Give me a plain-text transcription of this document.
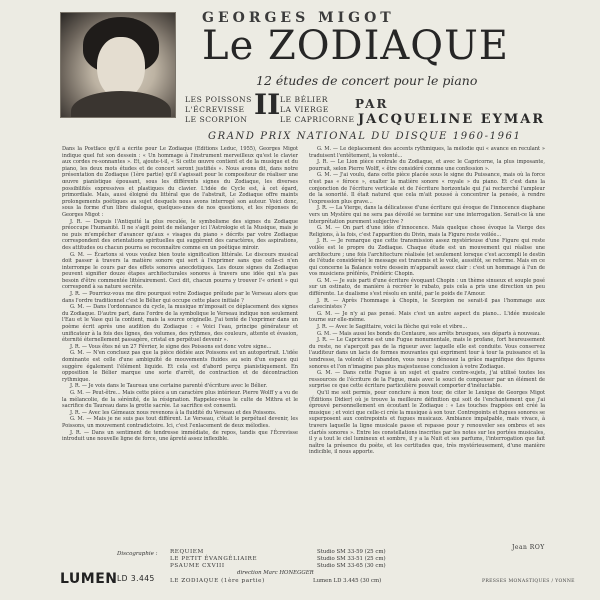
GEORGES MIGOT
Le ZODIAQUE
12 études de concert pour le piano
LES POISSONS
L'ÉCREVISSE
LE SCORPION II LE BÉLIER
LA VIERGE
LE CAPRICORNE
PAR
JACQUELINE EYMAR
GRAND PRIX NATIONAL DU DISQUE 1960-1961

Dans la Postface qu'il a écrite pour Le Zodiaque (Éditions Leduc, 1955), Georges Migot indique quel fut son dessein : « Un hommage à l'instrument merveilleux qu'est le clavier aux cordes re-sonnantes ». Et, ajoute-t-il, « Si cette œuvre contient et de la musique et du piano, les deux mots études et de concert seront justifiés ». Nous avons dit, dans notre présentation du Zodiaque (1ère partie) qu'il s'agissait pour le compositeur de réaliser une œuvre pianistique épousant, sous les différents signes du Zodiaque, les diverses possibilités expressives et plastiques du clavier. L'idée de Cycle est, à cet égard, primordiale. Mais, aussi éloigné du littéral que de l'abstrait, Le Zodiaque offre maints prolongements poétiques au sujet desquels nous avons interrogé son auteur. Voici donc, sous la forme d'un libre dialogue, quelques-unes de nos questions, et les réponses de Georges Migot :

J. R. — Depuis l'Antiquité la plus reculée, le symbolisme des signes du Zodiaque préoccupe l'humanité. Il ne s'agit point de mélanger ici l'Astrologie et la Musique, mais je ne puis m'empêcher d'avancer qu'aux « visages du piano » décrits par votre Zodiaque correspondent des orientations spirituelles qui suggèrent des caractères, des aspirations, des attitudes ou chacun pourra se reconnaître comme en un poétique miroir.

G. M. — Écartons si vous voulez bien toute signification littérale. Le discours musical doit passer à travers la matière sonore qui sert à l'exprimer sans que celle-ci n'en interrompe le cours par des effets sonores anecdotiques. Les douze signes du Zodiaque peuvent signifier douze étapes architecturales sonores à travers une idée qui n'a pas besoin d'être commentée littérairement. Ceci dit, chacun pourra y trouver l'« orient » qui correspond à sa nature secrète.

J. R. — Pourriez-vous me dire pourquoi votre Zodiaque prélude par le Verseau alors que dans l'ordre traditionnel c'est le Bélier qui occupe cette place initiale ?

G. M. — Dans l'ordonnance du cycle, la musique m'imposait ce déplacement des signes du Zodiaque. D'autre part, dans l'ordre de la symbolique le Verseau indique non seulement l'Eau et le Vase qui la contient, mais la source originelle. J'ai tenté de l'exprimer dans un poème écrit après une audition du Zodiaque : « Voici l'eau, principe générateur et unificateur à la fois des lignes, des volumes, des rythmes, des couleurs, attente et évasion, éternité éternellement passagère, cristal en perpétuel devenir ».

J. R. — Vous êtes né un 27 Février, le signe des Poissons est donc votre signe...

G. M. — N'en concluez pas que la pièce dédiée aux Poissons est un autoportrait. L'idée dominante est celle d'une ambiguïté de mouvements fluides au sein d'un espace qui suggère également l'élément liquide. Et cela est d'abord perçu pianistiquement. En opposition le Bélier marque une sorte d'arrêt, de contraction et de décontraction rythmique.

J. R. — Je vois dans le Taureau une certaine parenté d'écriture avec le Bélier.

G. M. — Peut-être... Mais cette pièce a un caractère plus intérieur. Pierre Wolff y a vu de la mélancolie, de la sérénité, de la résignation. Rappelez-vous le culte de Mithra et le sacrifice du Taureau dans la grotte sacrée. Le sacrifice est consenti.

J. R. — Avec les Gémeaux nous revenons à la fluidité du Verseau et des Poissons.

G. M. — Mais je ne suis pas tout différent. Le Verseau, c'était le perpétuel devenir, les Poissons, un mouvement contradictoire. Ici, c'est l'enlacement de deux mélodies.

J. R. — Dans un sentiment de tendresse immédiate, de repos, tandis que l'Écrevisse introduit une nouvelle ligne de force, une âpreté assez inflexible.

G. M. — Le déplacement des accents rythmiques, la mélodie qui « avance en reculant » traduisent l'entêtement, la volonté...

J. R. — Le Lion pièce centrale du Zodiaque, et avec le Capricorne, la plus imposante, pourrait, selon Pierre Wolff, « être considéré comme une confession ».

G. M. — J'ai voulu, dans cette pièce placée sous le signe du Puissance, mais où la force n'est pas « féroce », exalter la matière sonore « royale » du piano. Et c'est dans la conjonction de l'écriture verticale et de l'écriture horizontale qui j'ai recherché l'ampleur de la sonorité. Il était naturel que cela m'ait poussé à concentrer la pensée, à rendre l'expression plus grave...

J. R. — La Vierge, dans la délicatesse d'une écriture qui évoque de l'innocence diaphane vers un Mystère qui ne sera pas dévoilé se termine sur une interrogation. Serait-ce là une interprétation purement subjective ?

G. M. — On part d'une idée d'innocence. Mais quelque chose évoque la Vierge des Religions, à la fois, c'est l'apparition du Divin, mais la Figure reste voilée...

J. R. — Je remarque que cette transmission assez mystérieuse d'une Figure qui reste voilée est le propre du Zodiaque. Chaque étude est un mouvement qui réalise une architecture ; une fois l'architecture réalisée (et seulement lorsque c'est accompli le destin de l'étude considérée) le message est transmis et le voile, aussitôt, se referme. Mais en ce qui concerne la Balance votre dessein m'apparaît assez clair : c'est un hommage à l'un de vos musiciens préférés, Frédéric Chopin.

G. M. — Je suis parti d'une écriture évoquant Chopin : un thème sinueux et souple posé sur un ostinato, de manière à recréer le rubato, puis cela a pris une direction un peu différente. Le dualisme s'est résolu en unité, par le poids de l'Amour.

J. R. — Après l'hommage à Chopin, le Scorpion ne serait-il pas l'hommage aux clavecinistes ?

G. M. — Je n'y ai pas pensé. Mais c'est un autre aspect du piano... L'idée musicale tourne sur elle-même.

J. R. — Avec le Sagittaire, voici la flèche qui vole et vibre...

G. M. — Mais aussi les bonds du Centaure, ses arrêts brusques, ses départs à nouveau.

J. R. — Le Capricorne est une Fugue monumentale, mais le profane, fort heureusement du reste, ne s'aperçoit pas de la rigueur avec laquelle elle est conduite. Vous conservez l'auditeur dans un lacis de formes mouvantes qui expriment tour à tour la puissance et la tendresse, la volonté et l'abandon, vous nous y dénouez la grâce magnifique des figures sonores et l'on n'imagine pas plus majestueuse conclusion à votre Zodiaque.

G. M. — Dans cette Fugue à un sujet et quatre contre-sujets, j'ai utilisé toutes les ressources de l'écriture de la Fugue, mais avec le souci de compenser par un élément de surprise ce que cette écriture particulière pouvait comporter d'inéluctable.

Qu'il me soit permis, pour conclure à mon tour, de citer le Lexique de Georges Migot (Éditions Didier) où je trouve la meilleure définition qui soit de l'enchantement que j'ai éprouvé personnellement en écoutant le Zodiaque : « Les touches frappées ont créé la musique ; et voici que celle-ci crée la musique à son tour. Contrepoints et fugues sonores se superposent aux contrepoints et fugues musicaux. Ambiance impalpable, mais vivace, à travers laquelle la ligne musicale passe et repasse pour y renouveler ses ombres et ses clartés sonores ». Entre les constellations inscrites par les notes sur les portées musicales, il y a tout le ciel lumineux et sombre, il y a la Nuit et ses parfums, l'interrogation que fait naître la présence du poète, et les certitudes que, très mystérieusement, d'une manière indicible, il nous apporte.

Jean ROY
Discographie : REQUIEM
LE PETIT ÉVANGÉLIAIRE
PSAUME CXVIII
Studio SM 33-59 (25 cm)
Studio SM 33-51 (25 cm)
Studio SM 33-65 (30 cm)
direction Marc HONEGGER
LE ZODIAQUE (1ère partie)	Lumen LD 3.445 (30 cm)
LUMEN LD 3.445	PRESSES MONASTIQUES / YONNE
